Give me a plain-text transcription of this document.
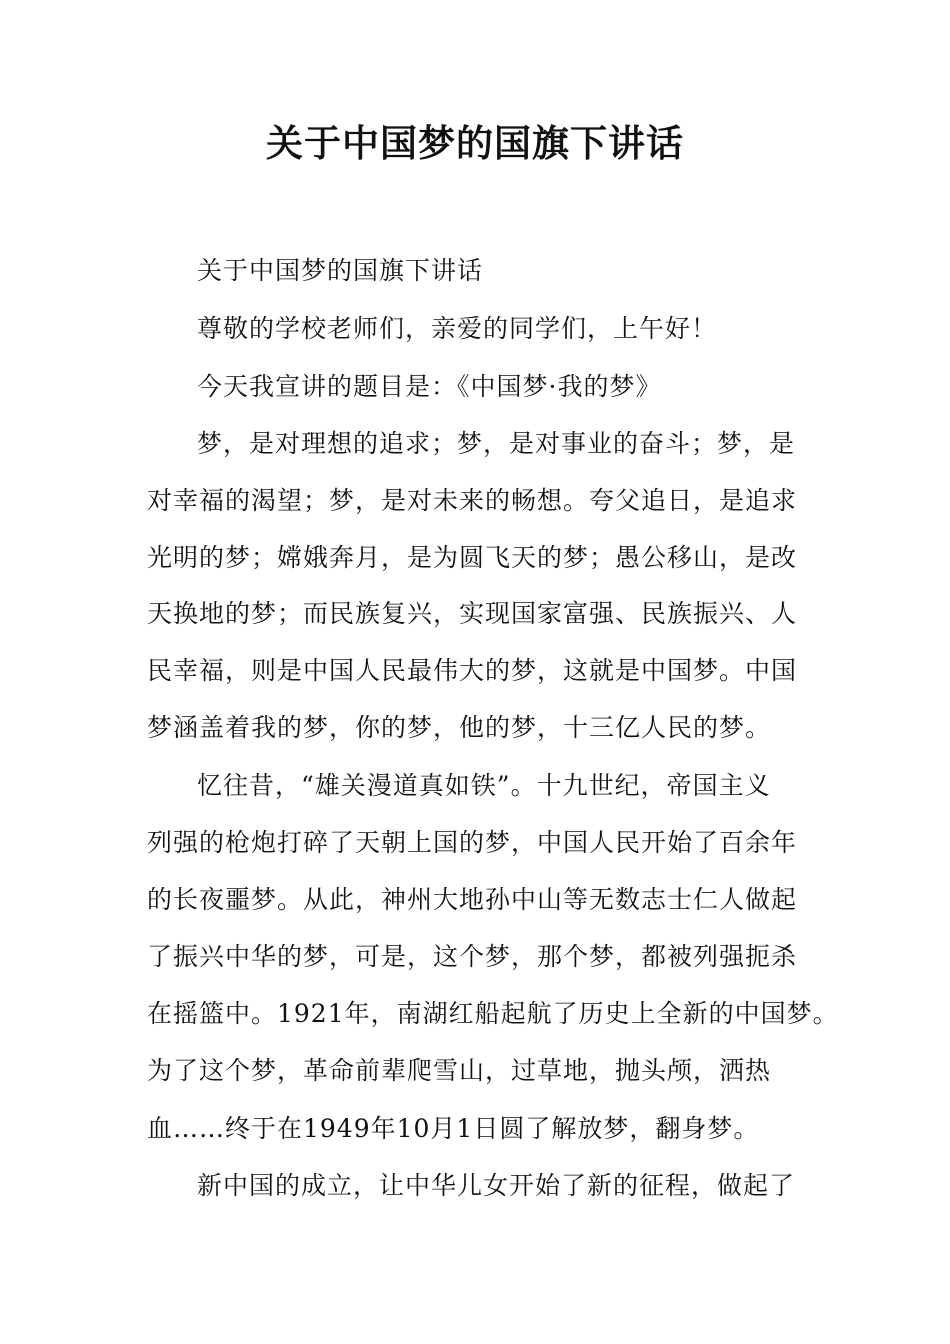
关于中国梦的国旗下讲话
关于中国梦的国旗下讲话
尊敬的学校老师们，亲爱的同学们，上午好！
今天我宣讲的题目是：《中国梦·我的梦》
梦，是对理想的追求；梦，是对事业的奋斗；梦，是
对幸福的渴望；梦，是对未来的畅想。夸父追日，是追求
光明的梦；嫦娥奔月，是为圆飞天的梦；愚公移山，是改
天换地的梦；而民族复兴，实现国家富强、民族振兴、人
民幸福，则是中国人民最伟大的梦，这就是中国梦。中国
梦涵盖着我的梦，你的梦，他的梦，十三亿人民的梦。
忆往昔，“雄关漫道真如铁”。十九世纪，帝国主义
列强的枪炮打碎了天朝上国的梦，中国人民开始了百余年
的长夜噩梦。从此，神州大地孙中山等无数志士仁人做起
了振兴中华的梦，可是，这个梦，那个梦，都被列强扼杀
在摇篮中。1921年，南湖红船起航了历史上全新的中国梦。
为了这个梦，革命前辈爬雪山，过草地，抛头颅，洒热
血……终于在1949年10月1日圆了解放梦，翻身梦。
新中国的成立，让中华儿女开始了新的征程，做起了
